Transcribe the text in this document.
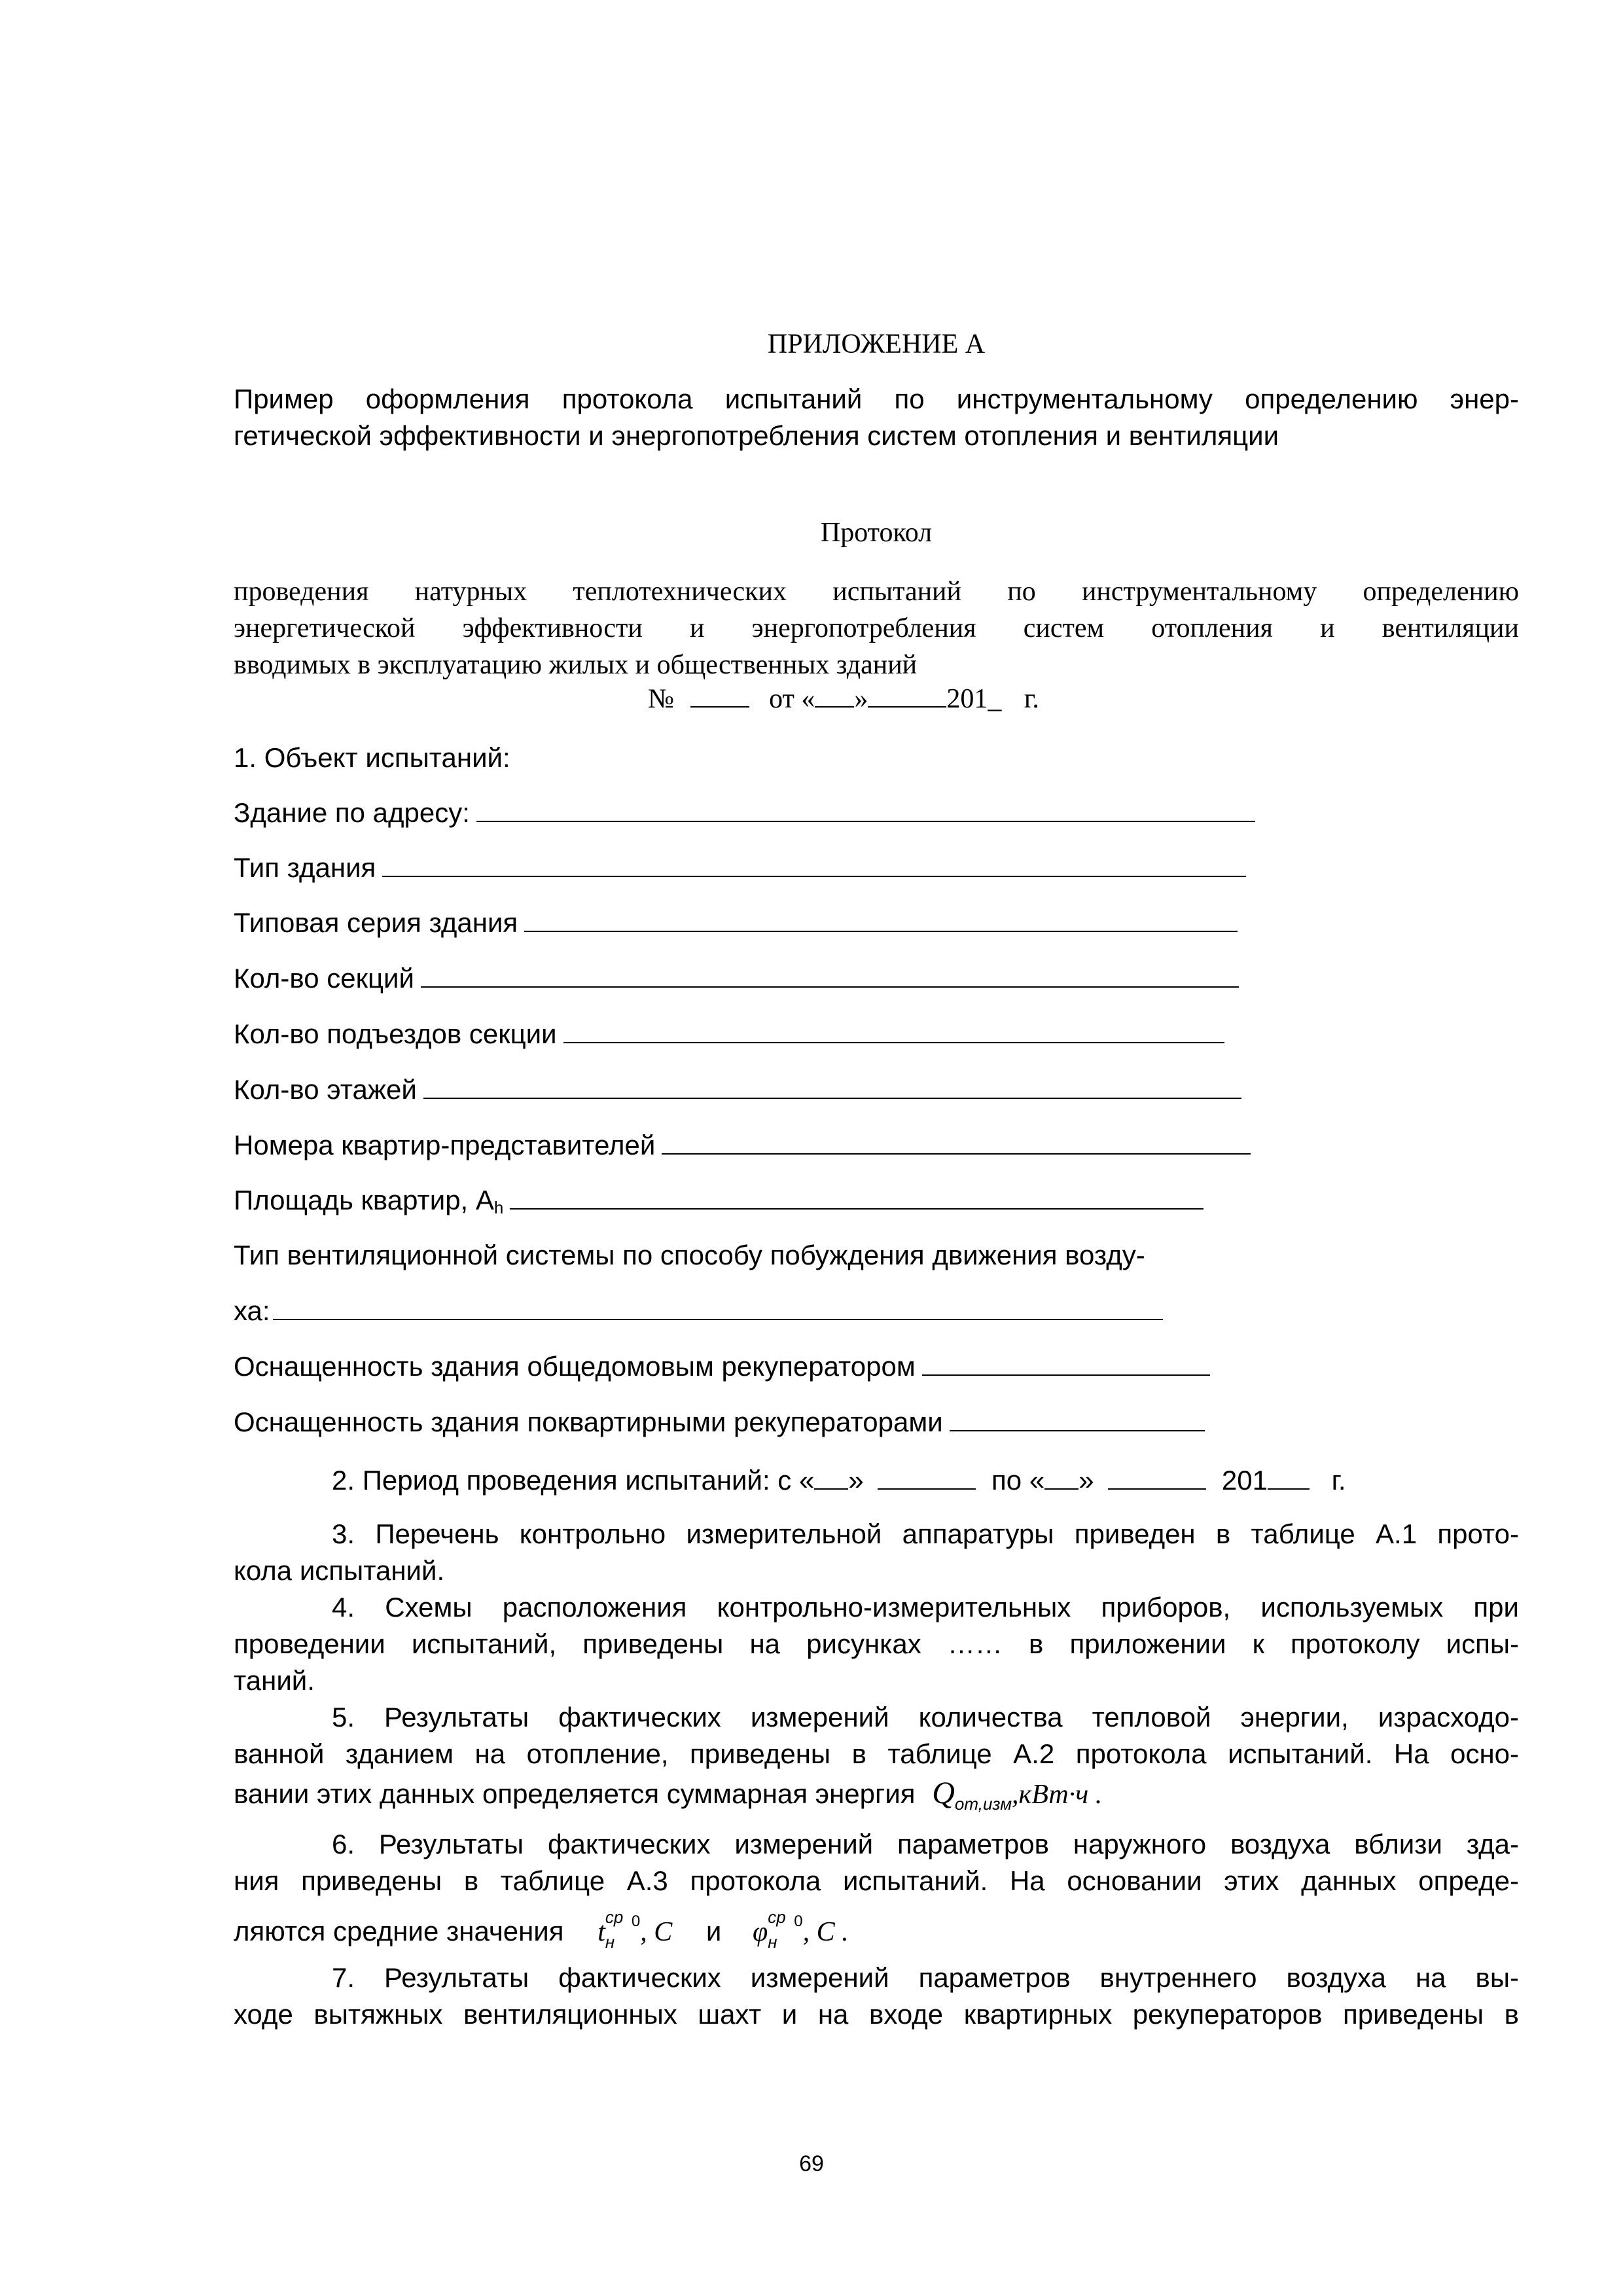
ПРИЛОЖЕНИЕ А
Пример оформления протокола испытаний по инструментальному определению энер-
гетической эффективности и энергопотребления систем отопления и вентиляции
Протокол
проведения натурных теплотехнических испытаний по инструментальному определению
энергетической эффективности и энергопотребления систем отопления и вентиляции
вводимых в эксплуатацию жилых и общественных зданий
№	от « »	201_ г.
1. Объект испытаний:
Здание по адресу:
Тип здания
Типовая серия здания
Кол-во секций
Кол-во подъездов секции
Кол-во этажей
Номера квартир-представителей
Площадь квартир, Ah
Тип вентиляционной системы по способу побуждения движения возду-
ха:
Оснащенность здания общедомовым рекуператором
Оснащенность здания поквартирными рекуператорами
2. Период проведения испытаний: с « »	по « »	201 г.
3. Перечень контрольно измерительной аппаратуры приведен в таблице А.1 прото-
кола испытаний.
4. Схемы расположения контрольно-измерительных приборов, используемых при
проведении испытаний, приведены на рисунках …… в приложении к протоколу испы-
таний.
5. Результаты фактических измерений количества тепловой энергии, израсходо-
ванной зданием на отопление, приведены в таблице А.2 протокола испытаний. На осно-
вании этих данных определяется суммарная энергия $Q_{от,изм},кВт\cdot ч$ .
6. Результаты фактических измерений параметров наружного воздуха вблизи зда-
ния приведены в таблице А.3 протокола испытаний. На основании этих данных опреде-
ляются средние значения t ср
н
$^0$, C и φ ср
н
$^0$, C .
7. Результаты фактических измерений параметров внутреннего воздуха на вы-
ходе вытяжных вентиляционных шахт и на входе квартирных рекуператоров приведены в
69
